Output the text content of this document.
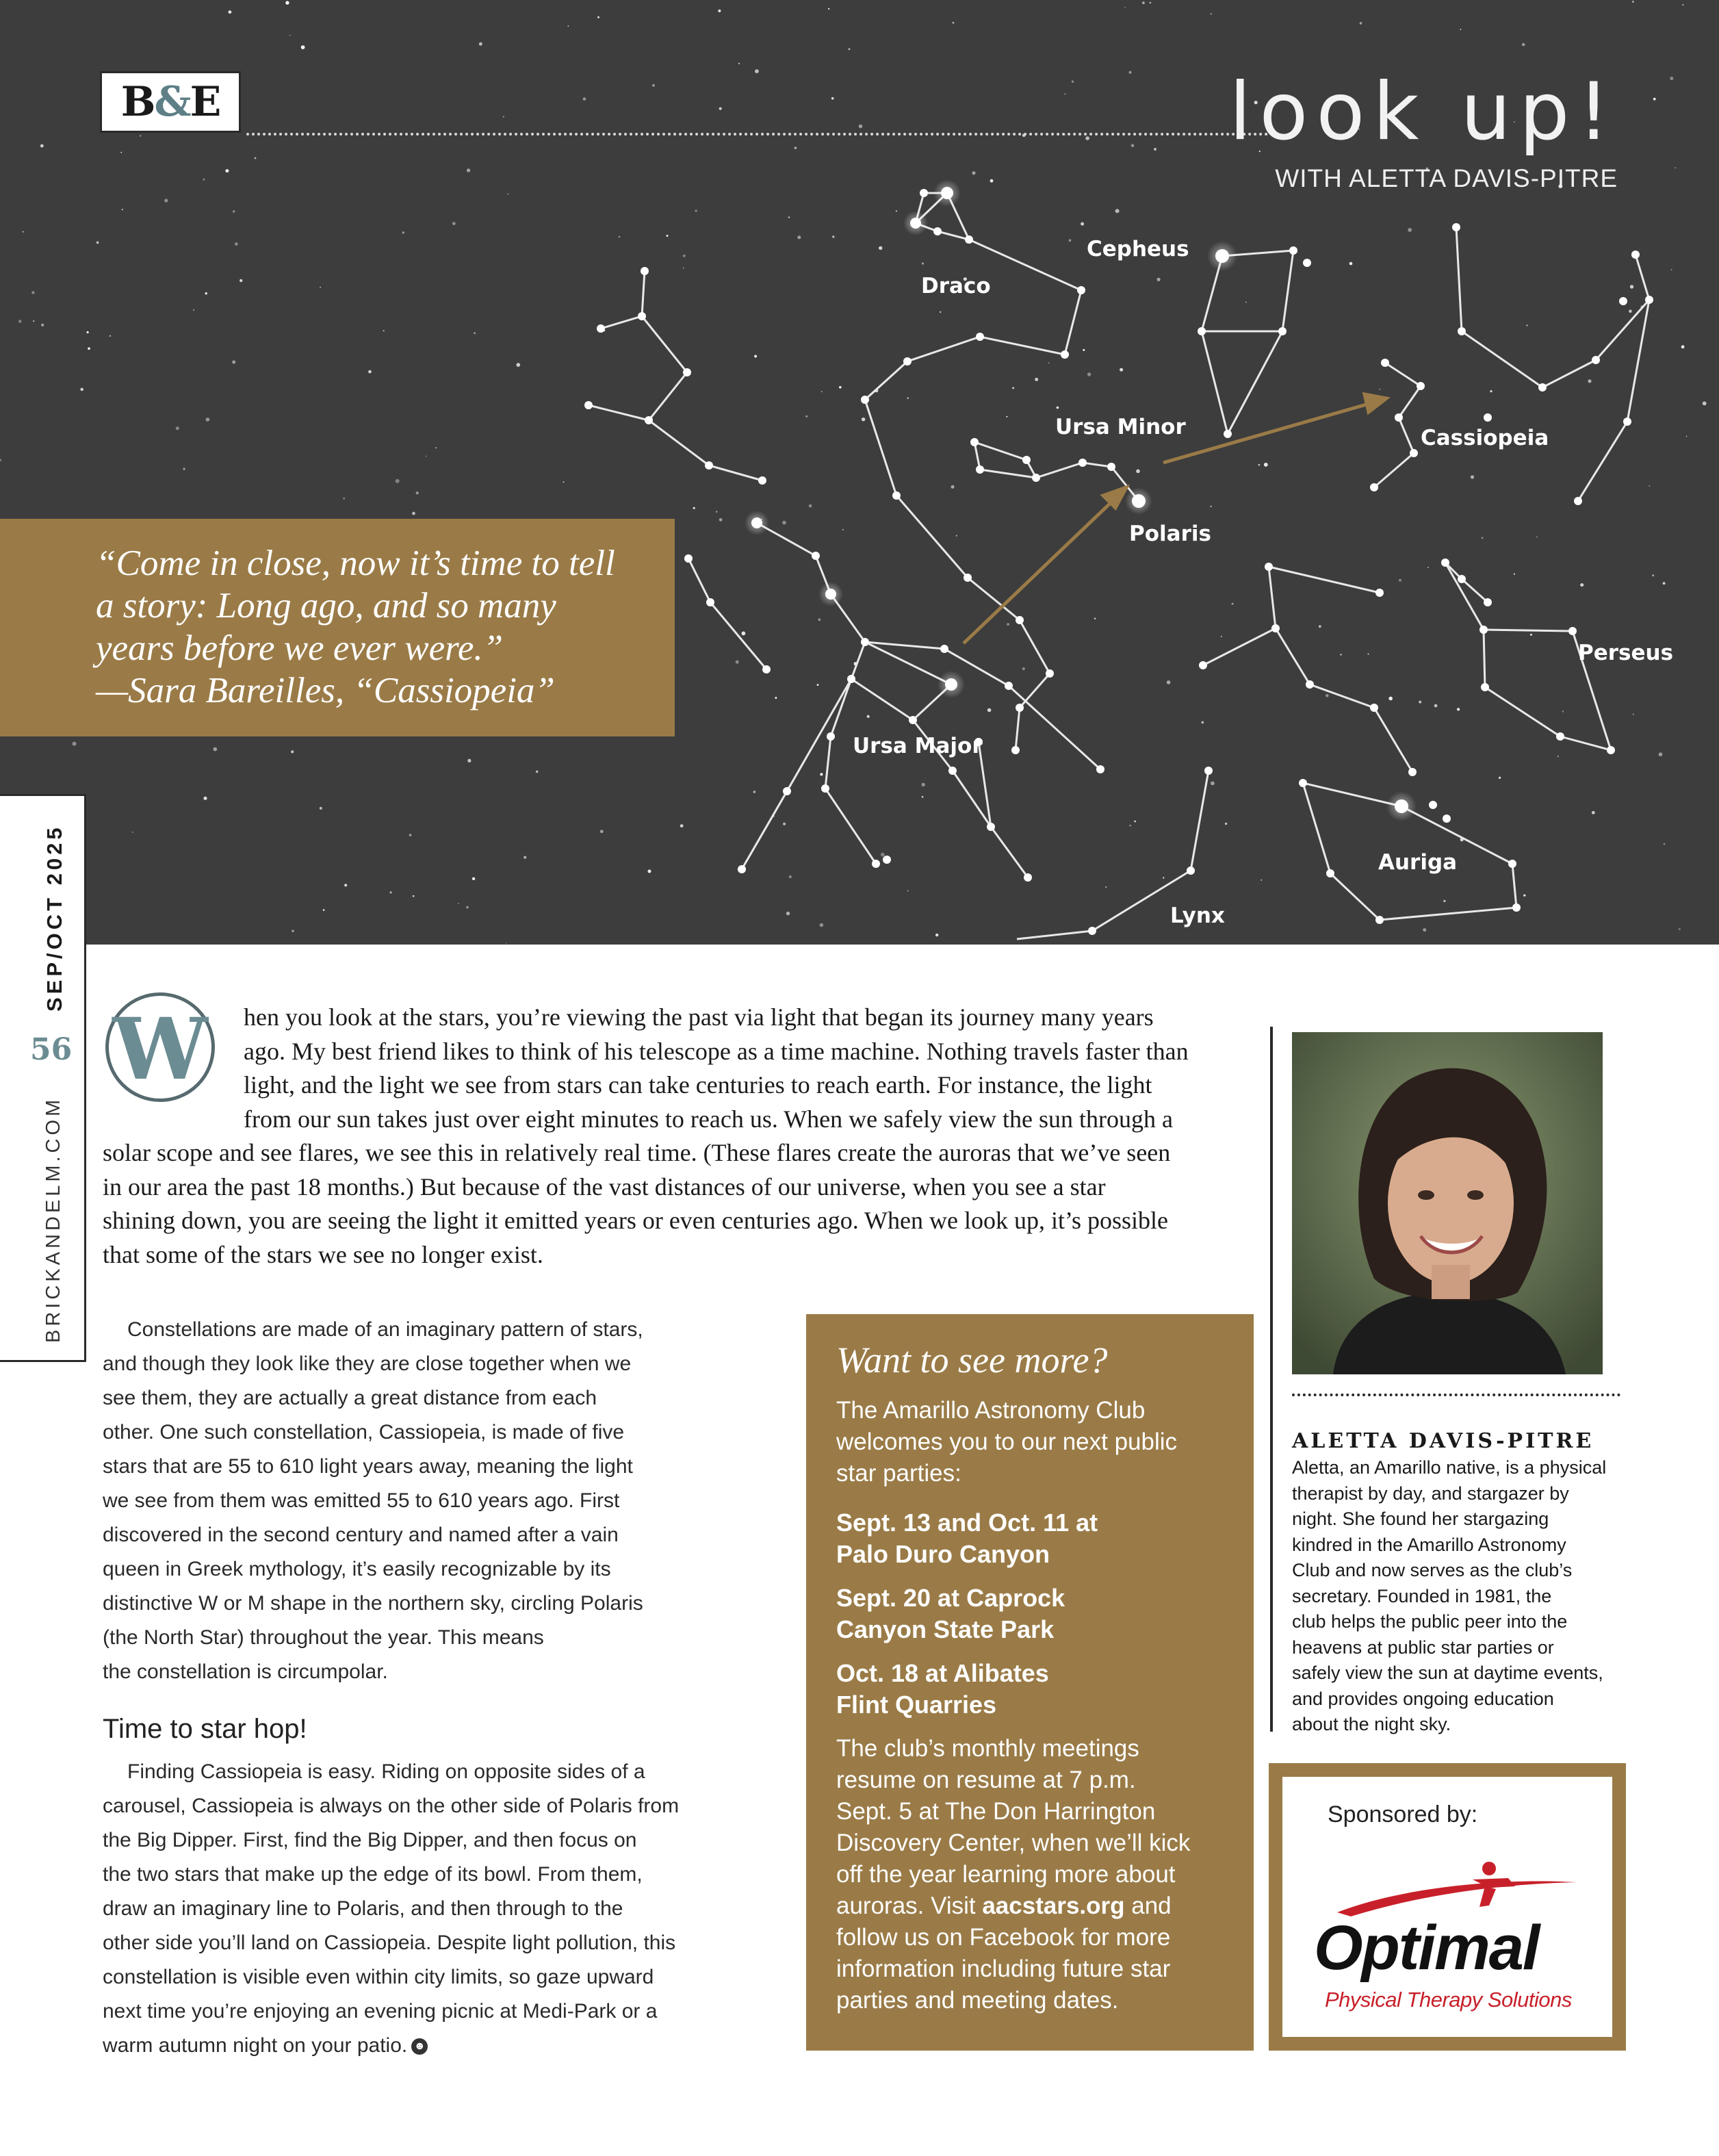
Draco
Cepheus
Ursa Minor	Cassiopeia
Polaris
Perseus
Ursa Major
Auriga
Lynx
B & E	look up!
WITH ALETTA DAVIS-PITRE

“Come in close, now it’s time to tell
a story: Long ago, and so many
years before we ever were.”
—Sara Bareilles, “Cassiopeia”

SEP/OCT 2025
56
BRICKANDELM.COM
W	hen you look at the stars, you’re viewing the past via light that began its journey many years
ago. My best friend likes to think of his telescope as a time machine. Nothing travels faster than
light, and the light we see from stars can take centuries to reach earth. For instance, the light
from our sun takes just over eight minutes to reach us. When we safely view the sun through a
solar scope and see flares, we see this in relatively real time. (These flares create the auroras that we’ve seen
in our area the past 18 months.) But because of the vast distances of our universe, when you see a star
shining down, you are seeing the light it emitted years or even centuries ago. When we look up, it’s possible
that some of the stars we see no longer exist.
Constellations are made of an imaginary pattern of stars,
and though they look like they are close together when we
see them, they are actually a great distance from each
other. One such constellation, Cassiopeia, is made of five
stars that are 55 to 610 light years away, meaning the light
we see from them was emitted 55 to 610 years ago. First
discovered in the second century and named after a vain
queen in Greek mythology, it’s easily recognizable by its
distinctive W or M shape in the northern sky, circling Polaris
(the North Star) throughout the year. This means
the constellation is circumpolar.
Time to star hop!
Finding Cassiopeia is easy. Riding on opposite sides of a
carousel, Cassiopeia is always on the other side of Polaris from
the Big Dipper. First, find the Big Dipper, and then focus on
the two stars that make up the edge of its bowl. From them,
draw an imaginary line to Polaris, and then through to the
other side you’ll land on Cassiopeia. Despite light pollution, this
constellation is visible even within city limits, so gaze upward
next time you’re enjoying an evening picnic at Medi-Park or a
warm autumn night on your patio. ☻
Want to see more?
The Amarillo Astronomy Club
welcomes you to our next public
star parties:
Sept. 13 and Oct. 11 at
Palo Duro Canyon
Sept. 20 at Caprock
Canyon State Park
Oct. 18 at Alibates
Flint Quarries
The club’s monthly meetings
resume on resume at 7 p.m.
Sept. 5 at The Don Harrington
Discovery Center, when we’ll kick
off the year learning more about
auroras. Visit aacstars.org and
follow us on Facebook for more
information including future star
parties and meeting dates.
ALETTA DAVIS-PITRE
Aletta, an Amarillo native, is a physical
therapist by day, and stargazer by
night. She found her stargazing
kindred in the Amarillo Astronomy
Club and now serves as the club’s
secretary. Founded in 1981, the
club helps the public peer into the
heavens at public star parties or
safely view the sun at daytime events,
and provides ongoing education
about the night sky.
Sponsored by:
Optimal
Physical Therapy Solutions
